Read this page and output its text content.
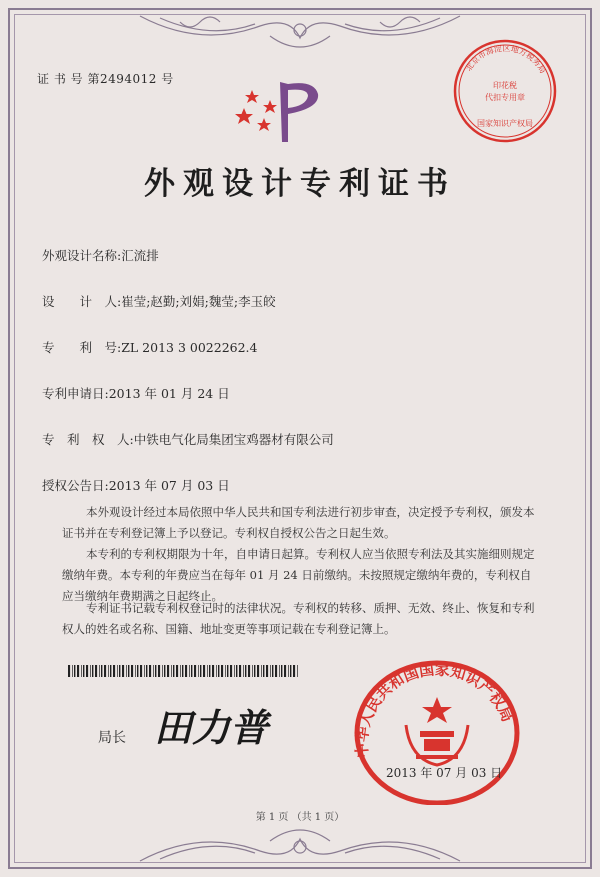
证 书 号 第2494012 号
北京市海淀区地方税务局
印花税
代扣专用章
国家知识产权局
外观设计专利证书
外观设计名称:汇流排
设　　计　人:崔莹;赵勤;刘娟;魏莹;李玉皎
专　　利　号:ZL 2013 3 0022262.4
专利申请日:2013 年 01 月 24 日
专　利　权　人:中铁电气化局集团宝鸡器材有限公司
授权公告日:2013 年 07 月 03 日
本外观设计经过本局依照中华人民共和国专利法进行初步审查，决定授予专利权，颁发本证书并在专利登记簿上予以登记。专利权自授权公告之日起生效。
本专利的专利权期限为十年，自申请日起算。专利权人应当依照专利法及其实施细则规定缴纳年费。本专利的年费应当在每年 01 月 24 日前缴纳。未按照规定缴纳年费的，专利权自应当缴纳年费期满之日起终止。
专利证书记载专利权登记时的法律状况。专利权的转移、质押、无效、终止、恢复和专利权人的姓名或名称、国籍、地址变更等事项记载在专利登记簿上。
局长 田力普
中华人民共和国国家知识产权局
2013 年 07 月 03 日
第 1 页 （共 1 页）
